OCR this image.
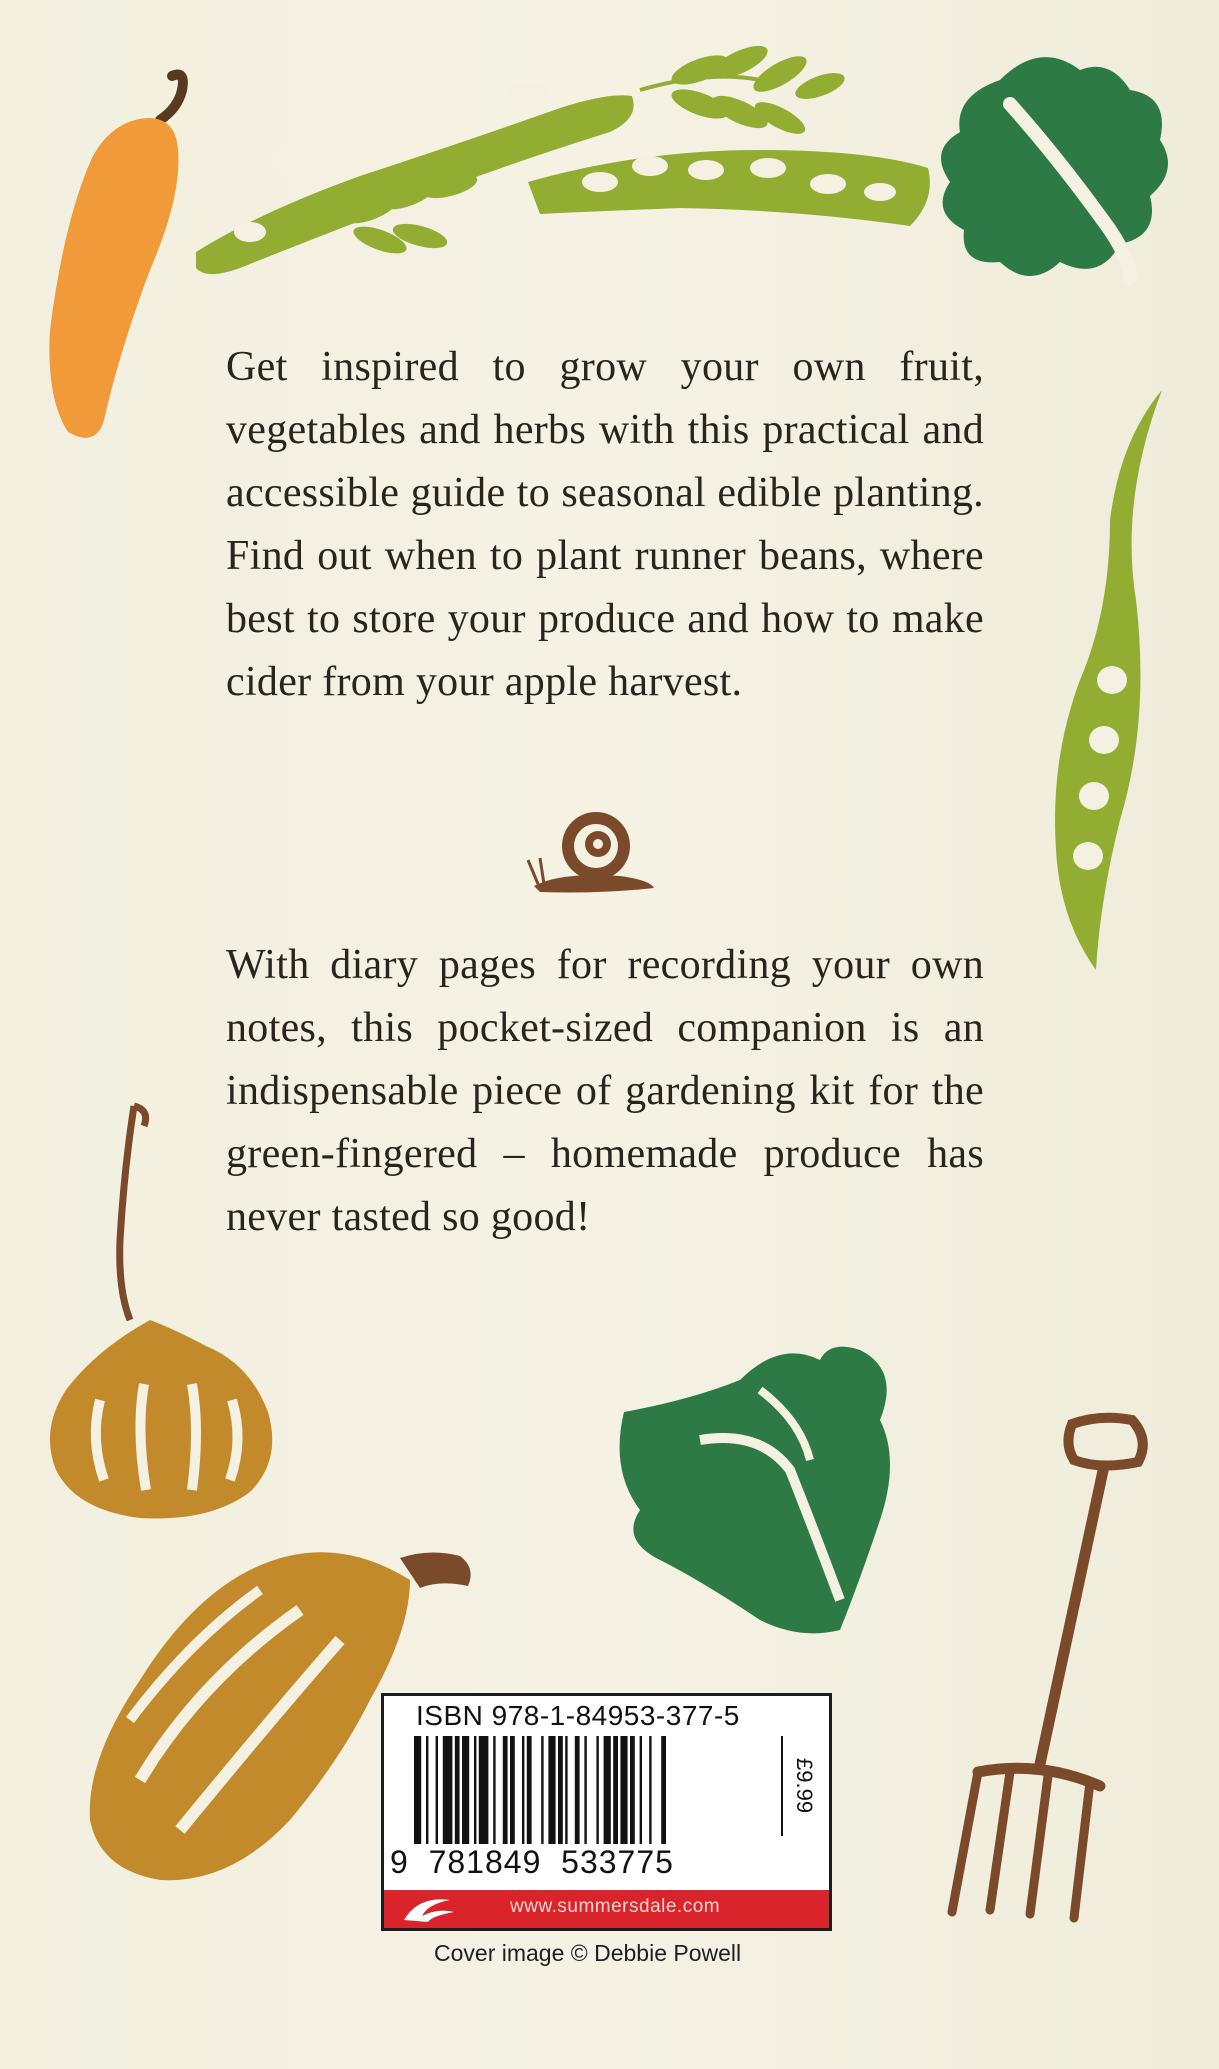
Get inspired to grow your own fruit, vegetables and herbs with this practical and accessible guide to seasonal edible planting. Find out when to plant runner beans, where best to store your produce and how to make cider from your apple harvest.

With diary pages for recording your own notes, this pocket-sized companion is an indispensable piece of gardening kit for the green-fingered – homemade produce has never tasted so good!

ISBN 978-1-84953-377-5
9  781849  533775
£9.99
www.summersdale.com
Cover image © Debbie Powell
